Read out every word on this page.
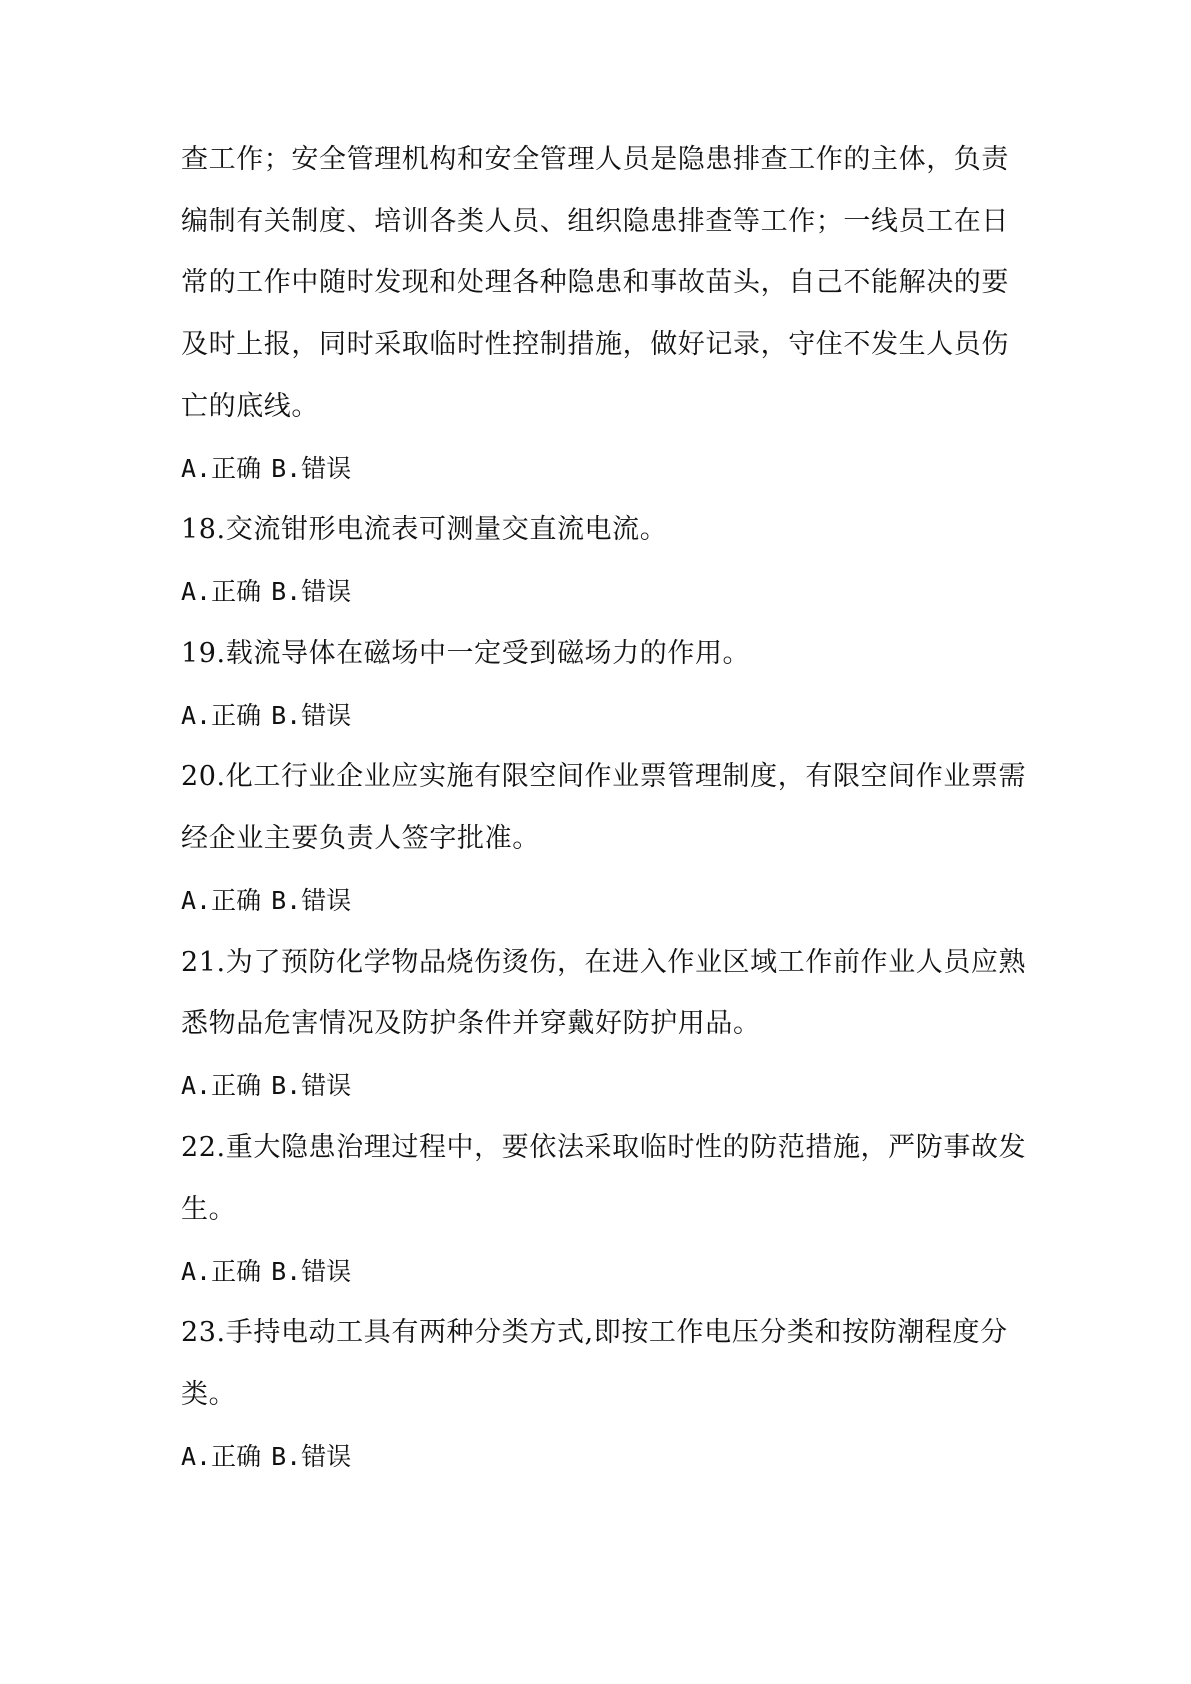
查工作；安全管理机构和安全管理人员是隐患排查工作的主体，负责
编制有关制度、培训各类人员、组织隐患排查等工作；一线员工在日
常的工作中随时发现和处理各种隐患和事故苗头，自己不能解决的要
及时上报，同时采取临时性控制措施，做好记录，守住不发生人员伤
亡的底线。
A.正确 B.错误
18.交流钳形电流表可测量交直流电流。
A.正确 B.错误
19.载流导体在磁场中一定受到磁场力的作用。
A.正确 B.错误
20.化工行业企业应实施有限空间作业票管理制度，有限空间作业票需
经企业主要负责人签字批准。
A.正确 B.错误
21.为了预防化学物品烧伤烫伤，在进入作业区域工作前作业人员应熟
悉物品危害情况及防护条件并穿戴好防护用品。
A.正确 B.错误
22.重大隐患治理过程中，要依法采取临时性的防范措施，严防事故发
生。
A.正确 B.错误
23.手持电动工具有两种分类方式,即按工作电压分类和按防潮程度分
类。
A.正确 B.错误
